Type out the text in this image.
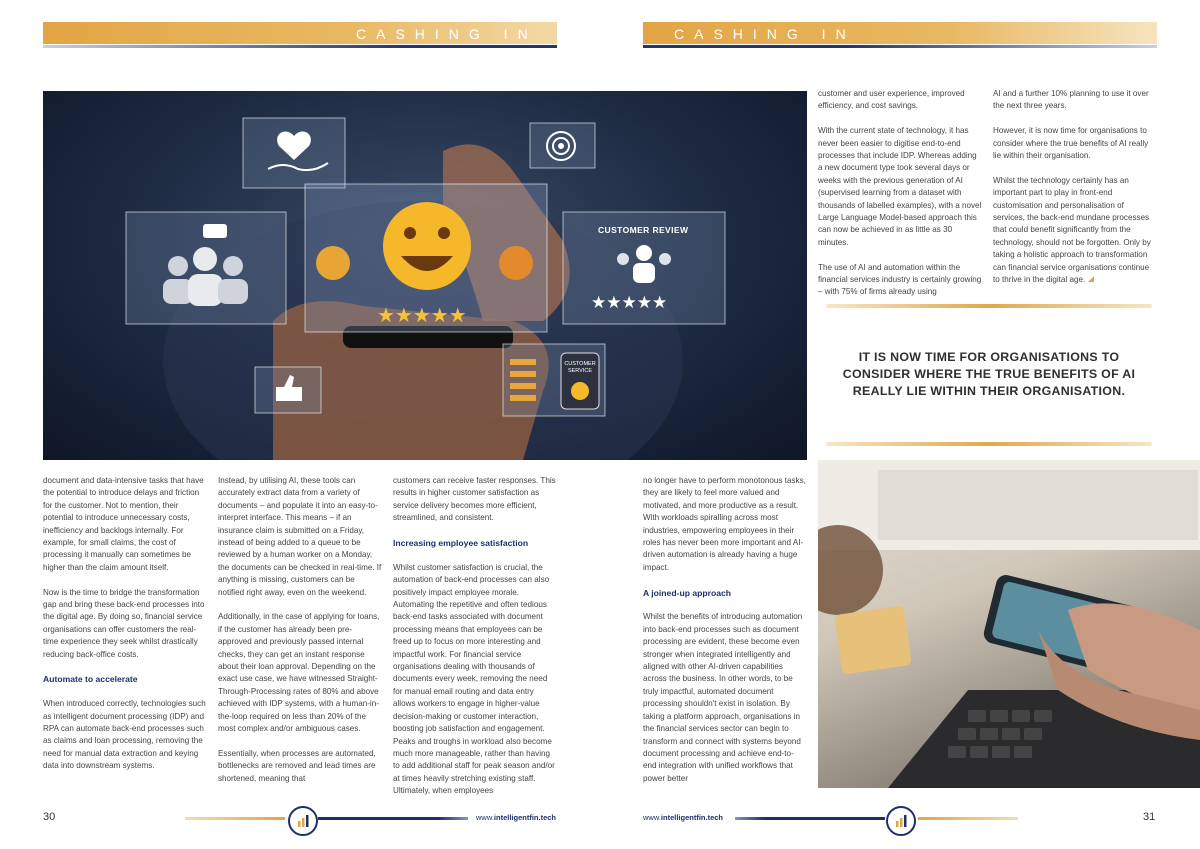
CASHING IN	CASHING IN
★★★★★	★★★★★
CUSTOMER REVIEW
CUSTOMER
SERVICE

document and data-intensive tasks that have the potential to introduce delays and friction for the customer. Not to mention, their potential to introduce unnecessary costs, inefficiency and backlogs internally. For example, for small claims, the cost of processing it manually can sometimes be higher than the claim amount itself.

Now is the time to bridge the transformation gap and bring these back-end processes into the digital age. By doing so, financial service organisations can offer customers the real-time experience they seek whilst drastically reducing back-office costs.

Automate to accelerate

When introduced correctly, technologies such as intelligent document processing (IDP) and RPA can automate back-end processes such as claims and loan processing, removing the need for manual data extraction and keying data into downstream systems.

Instead, by utilising AI, these tools can accurately extract data from a variety of documents – and populate it into an easy-to-interpret interface. This means – if an insurance claim is submitted on a Friday, instead of being added to a queue to be reviewed by a human worker on a Monday, the documents can be checked in real-time. If anything is missing, customers can be notified right away, even on the weekend.

Additionally, in the case of applying for loans, if the customer has already been pre-approved and previously passed internal checks, they can get an instant response about their loan approval. Depending on the exact use case, we have witnessed Straight-Through-Processing rates of 80% and above achieved with IDP systems, with a human-in-the-loop required on less than 20% of the most complex and/or ambiguous cases.

Essentially, when processes are automated, bottlenecks are removed and lead times are shortened, meaning that

customers can receive faster responses. This results in higher customer satisfaction as service delivery becomes more efficient, streamlined, and consistent.

Increasing employee satisfaction

Whilst customer satisfaction is crucial, the automation of back-end processes can also positively impact employee morale. Automating the repetitive and often tedious back-end tasks associated with document processing means that employees can be freed up to focus on more interesting and impactful work. For financial service organisations dealing with thousands of documents every week, removing the need for manual email routing and data entry allows workers to engage in higher-value decision-making or customer interaction, boosting job satisfaction and engagement. Peaks and troughs in workload also become much more manageable, rather than having to add additional staff for peak season and/or at times heavily stretching existing staff. Ultimately, when employees

customer and user experience, improved efficiency, and cost savings.

With the current state of technology, it has never been easier to digitise end-to-end processes that include IDP. Whereas adding a new document type took several days or weeks with the previous generation of AI (supervised learning from a dataset with thousands of labelled examples), with a novel Large Language Model-based approach this can now be achieved in as little as 30 minutes.

The use of AI and automation within the financial services industry is certainly growing – with 75% of firms already using

AI and a further 10% planning to use it over the next three years.

However, it is now time for organisations to consider where the true benefits of AI really lie within their organisation.

Whilst the technology certainly has an important part to play in front-end customisation and personalisation of services, the back-end mundane processes that could benefit significantly from the technology, should not be forgotten. Only by taking a holistic approach to transformation can financial service organisations continue to thrive in the digital age.

IT IS NOW TIME FOR ORGANISATIONS TO CONSIDER WHERE THE TRUE BENEFITS OF AI REALLY LIE WITHIN THEIR ORGANISATION.

no longer have to perform monotonous tasks, they are likely to feel more valued and motivated, and more productive as a result. With workloads spiralling across most industries, empowering employees in their roles has never been more important and AI-driven automation is already having a huge impact.

A joined-up approach

Whilst the benefits of introducing automation into back-end processes such as document processing are evident, these become even stronger when integrated intelligently and aligned with other AI-driven capabilities across the business. In other words, to be truly impactful, automated document processing shouldn't exist in isolation. By taking a platform approach, organisations in the financial services sector can begin to transform and connect with systems beyond document processing and achieve end-to-end integration with unified workflows that power better

30	www.intelligentfin.tech	www.intelligentfin.tech	31
